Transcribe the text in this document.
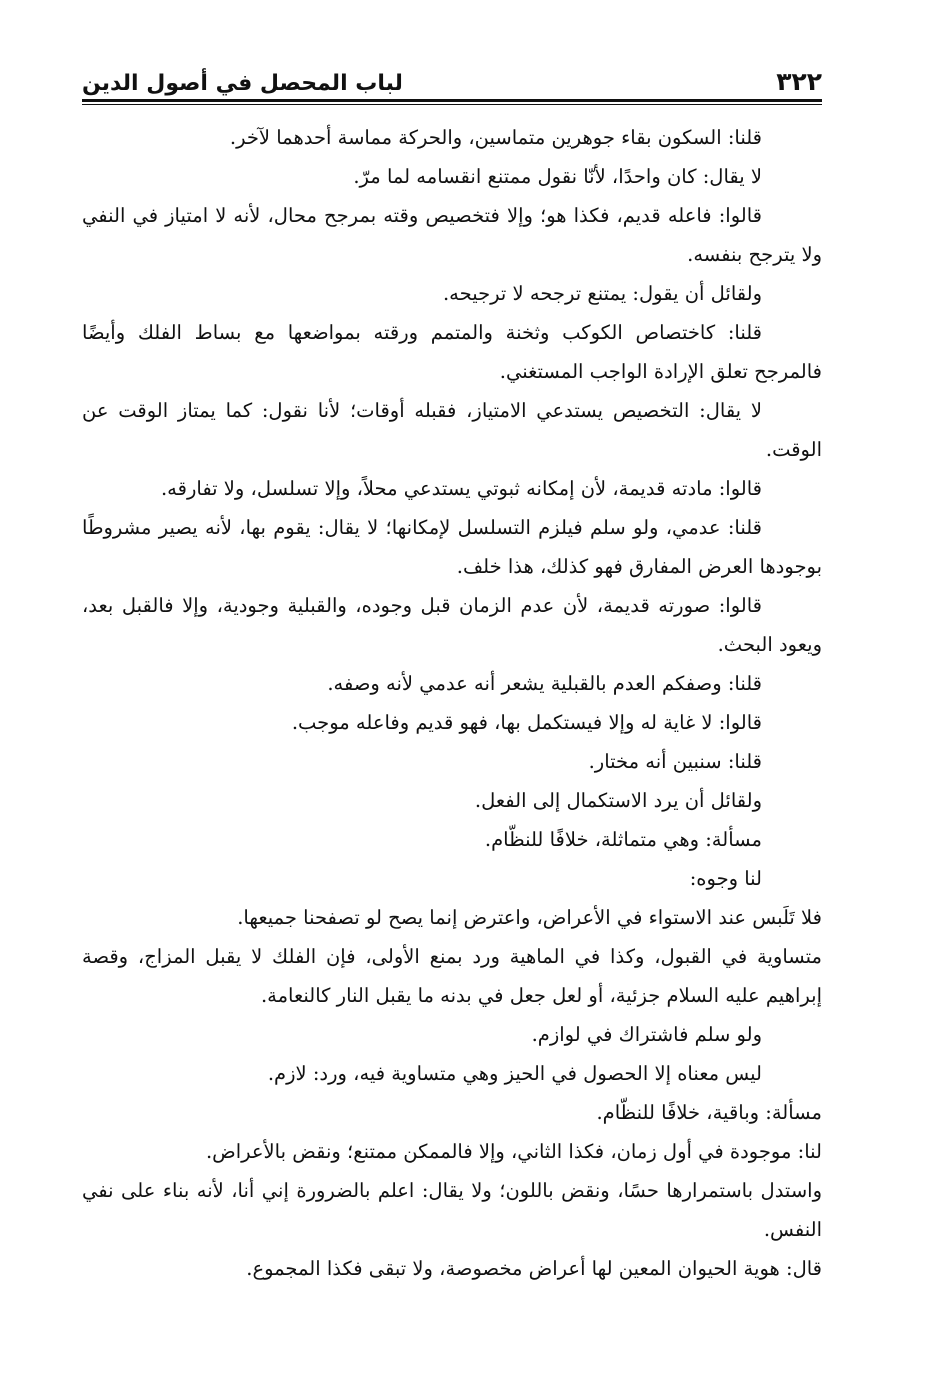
لباب المحصل في أصول الدين	٣٢٢

قلنا: السكون بقاء جوهرين متماسين، والحركة مماسة أحدهما لآخر.

لا يقال: كان واحدًا، لأنّا نقول ممتنع انقسامه لما مرّ.

قالوا: فاعله قديم، فكذا هو؛ وإلا فتخصيص وقته بمرجح محال، لأنه لا امتياز في النفي ولا يترجح بنفسه.

ولقائل أن يقول: يمتنع ترجحه لا ترجيحه.

قلنا: كاختصاص الكوكب وثخنة والمتمم ورقته بمواضعها مع بساط الفلك وأيضًا فالمرجح تعلق الإرادة الواجب المستغني.

لا يقال: التخصيص يستدعي الامتياز، فقبله أوقات؛ لأنا نقول: كما يمتاز الوقت عن الوقت.

قالوا: مادته قديمة، لأن إمكانه ثبوتي يستدعي محلاً، وإلا تسلسل، ولا تفارقه.

قلنا: عدمي، ولو سلم فيلزم التسلسل لإمكانها؛ لا يقال: يقوم بها، لأنه يصير مشروطًا بوجودها العرض المفارق فهو كذلك، هذا خلف.

قالوا: صورته قديمة، لأن عدم الزمان قبل وجوده، والقبلية وجودية، وإلا فالقبل بعد، ويعود البحث.

قلنا: وصفكم العدم بالقبلية يشعر أنه عدمي لأنه وصفه.

قالوا: لا غاية له وإلا فيستكمل بها، فهو قديم وفاعله موجب.

قلنا: سنبين أنه مختار.

ولقائل أن يرد الاستكمال إلى الفعل.

مسألة: وهي متماثلة، خلافًا للنظّام.

لنا وجوه:

فلا تَلَبس عند الاستواء في الأعراض، واعترض إنما يصح لو تصفحنا جميعها.

متساوية في القبول، وكذا في الماهية ورد بمنع الأولى، فإن الفلك لا يقبل المزاج، وقصة إبراهيم عليه السلام جزئية، أو لعل جعل في بدنه ما يقبل النار كالنعامة.

ولو سلم فاشتراك في لوازم.

ليس معناه إلا الحصول في الحيز وهي متساوية فيه، ورد: لازم.

مسألة: وباقية، خلافًا للنظّام.

لنا: موجودة في أول زمان، فكذا الثاني، وإلا فالممكن ممتنع؛ ونقض بالأعراض.

واستدل باستمرارها حسًا، ونقض باللون؛ ولا يقال: اعلم بالضرورة إني أنا، لأنه بناء على نفي النفس.

قال: هوية الحيوان المعين لها أعراض مخصوصة، ولا تبقى فكذا المجموع.
